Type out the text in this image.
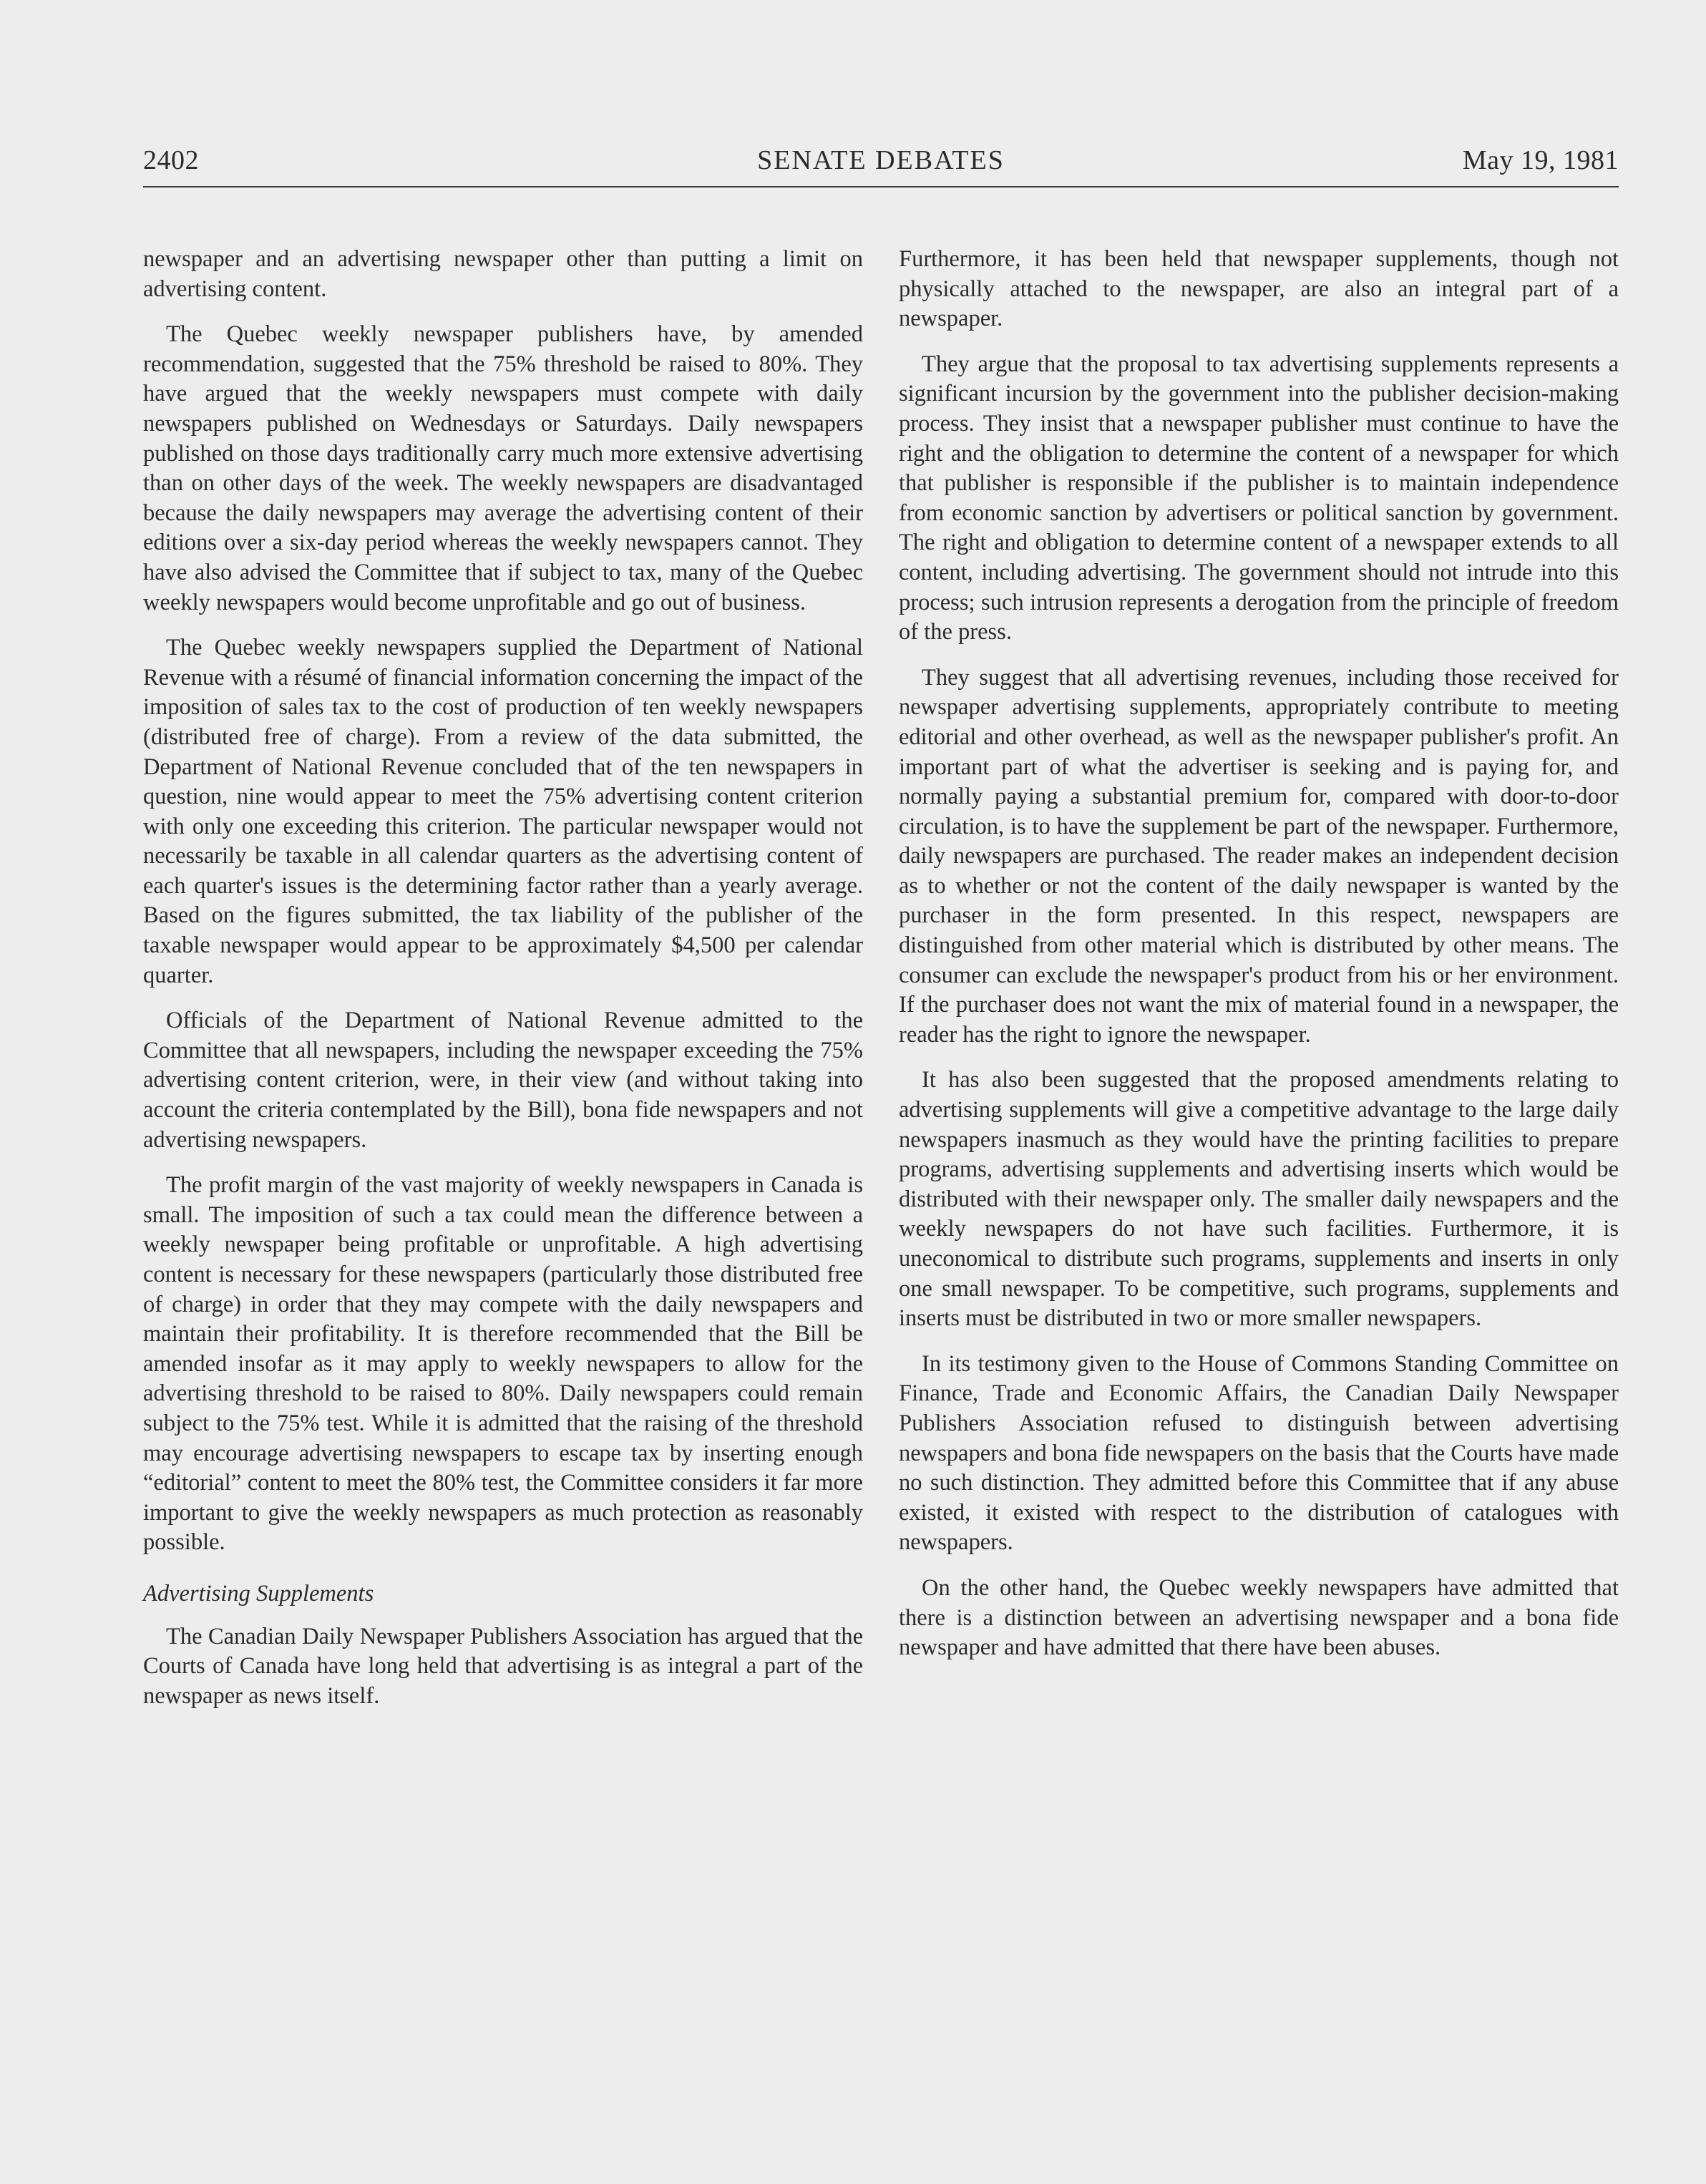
2402	SENATE DEBATES	May 19, 1981

newspaper and an advertising newspaper other than putting a limit on advertising content.

The Quebec weekly newspaper publishers have, by amended recommendation, suggested that the 75% threshold be raised to 80%. They have argued that the weekly newspapers must compete with daily newspapers published on Wednesdays or Saturdays. Daily newspapers published on those days traditionally carry much more extensive advertising than on other days of the week. The weekly newspapers are disadvantaged because the daily newspapers may average the advertising content of their editions over a six-day period whereas the weekly newspapers cannot. They have also advised the Committee that if subject to tax, many of the Quebec weekly newspapers would become unprofitable and go out of business.

The Quebec weekly newspapers supplied the Department of National Revenue with a résumé of financial information concerning the impact of the imposition of sales tax to the cost of production of ten weekly newspapers (distributed free of charge). From a review of the data submitted, the Department of National Revenue concluded that of the ten newspapers in question, nine would appear to meet the 75% advertising content criterion with only one exceeding this criterion. The particular newspaper would not necessarily be taxable in all calendar quarters as the advertising content of each quarter's issues is the determining factor rather than a yearly average. Based on the figures submitted, the tax liability of the publisher of the taxable newspaper would appear to be approximately $4,500 per calendar quarter.

Officials of the Department of National Revenue admitted to the Committee that all newspapers, including the newspaper exceeding the 75% advertising content criterion, were, in their view (and without taking into account the criteria contemplated by the Bill), bona fide newspapers and not advertising newspapers.

The profit margin of the vast majority of weekly newspapers in Canada is small. The imposition of such a tax could mean the difference between a weekly newspaper being profitable or unprofitable. A high advertising content is necessary for these newspapers (particularly those distributed free of charge) in order that they may compete with the daily newspapers and maintain their profitability. It is therefore recommended that the Bill be amended insofar as it may apply to weekly newspapers to allow for the advertising threshold to be raised to 80%. Daily newspapers could remain subject to the 75% test. While it is admitted that the raising of the threshold may encourage advertising newspapers to escape tax by inserting enough “editorial” content to meet the 80% test, the Committee considers it far more important to give the weekly newspapers as much protection as reasonably possible.

Advertising Supplements

The Canadian Daily Newspaper Publishers Association has argued that the Courts of Canada have long held that advertising is as integral a part of the newspaper as news itself.

Furthermore, it has been held that newspaper supplements, though not physically attached to the newspaper, are also an integral part of a newspaper.

They argue that the proposal to tax advertising supplements represents a significant incursion by the government into the publisher decision-making process. They insist that a newspaper publisher must continue to have the right and the obligation to determine the content of a newspaper for which that publisher is responsible if the publisher is to maintain independence from economic sanction by advertisers or political sanction by government. The right and obligation to determine content of a newspaper extends to all content, including advertising. The government should not intrude into this process; such intrusion represents a derogation from the principle of freedom of the press.

They suggest that all advertising revenues, including those received for newspaper advertising supplements, appropriately contribute to meeting editorial and other overhead, as well as the newspaper publisher's profit. An important part of what the advertiser is seeking and is paying for, and normally paying a substantial premium for, compared with door-to-door circulation, is to have the supplement be part of the newspaper. Furthermore, daily newspapers are purchased. The reader makes an independent decision as to whether or not the content of the daily newspaper is wanted by the purchaser in the form presented. In this respect, newspapers are distinguished from other material which is distributed by other means. The consumer can exclude the newspaper's product from his or her environment. If the purchaser does not want the mix of material found in a newspaper, the reader has the right to ignore the newspaper.

It has also been suggested that the proposed amendments relating to advertising supplements will give a competitive advantage to the large daily newspapers inasmuch as they would have the printing facilities to prepare programs, advertising supplements and advertising inserts which would be distributed with their newspaper only. The smaller daily newspapers and the weekly newspapers do not have such facilities. Furthermore, it is uneconomical to distribute such programs, supplements and inserts in only one small newspaper. To be competitive, such programs, supplements and inserts must be distributed in two or more smaller newspapers.

In its testimony given to the House of Commons Standing Committee on Finance, Trade and Economic Affairs, the Canadian Daily Newspaper Publishers Association refused to distinguish between advertising newspapers and bona fide newspapers on the basis that the Courts have made no such distinction. They admitted before this Committee that if any abuse existed, it existed with respect to the distribution of catalogues with newspapers.

On the other hand, the Quebec weekly newspapers have admitted that there is a distinction between an advertising newspaper and a bona fide newspaper and have admitted that there have been abuses.
